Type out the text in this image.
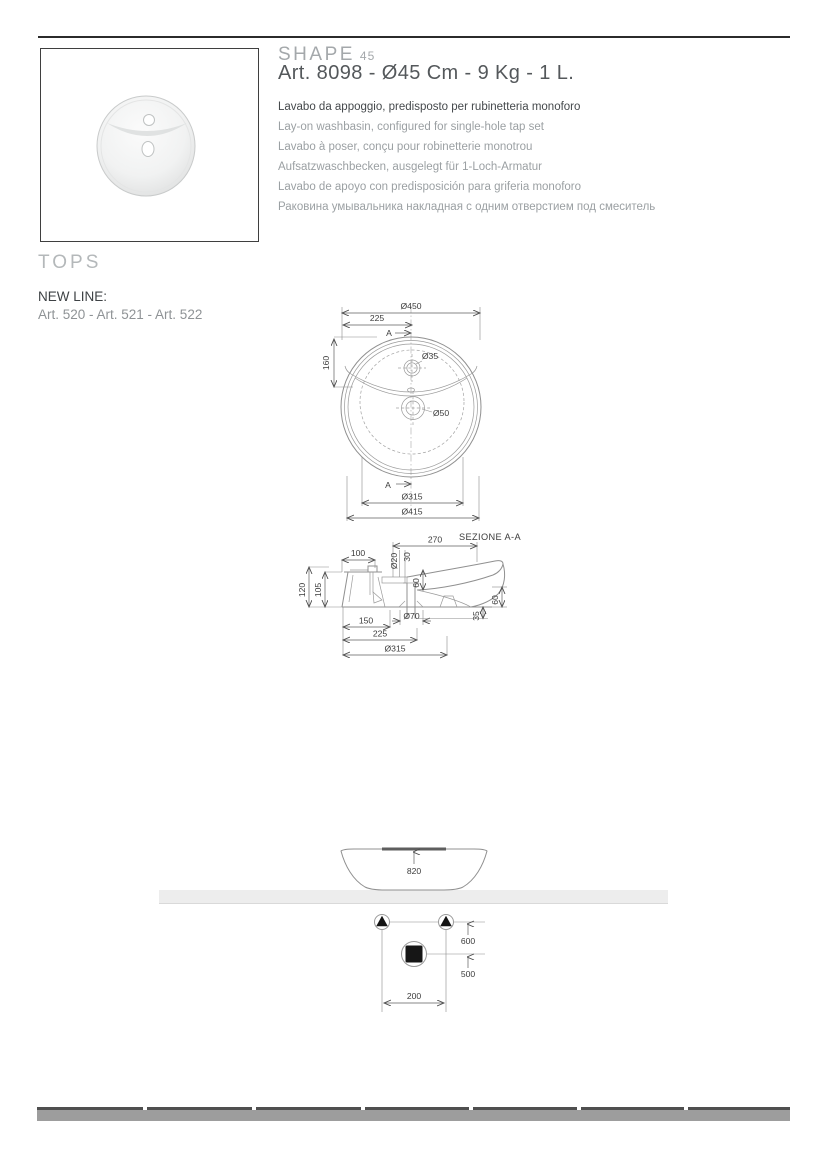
SHAPE 45
Art. 8098 - Ø45 Cm - 9 Kg - 1 L.
Lavabo da appoggio, predisposto per rubinetteria monoforo
Lay-on washbasin, configured for single-hole tap set
Lavabo à poser, conçu pour robinetterie monotrou
Aufsatzwaschbecken, ausgelegt für 1-Loch-Armatur
Lavabo de apoyo con predisposición para griferia monoforo
Раковина умывальника накладная с одним отверстием под смеситель
TOPS
NEW LINE:
Art. 520 - Art. 521 - Art. 522
Ø450
225
A
160	Ø35
Ø50
A
Ø315
Ø415
SEZIONE A-A
270
100	Ø20 30
60
120 105
150
225
Ø315
Ø70
60
35
820
600
500
200
